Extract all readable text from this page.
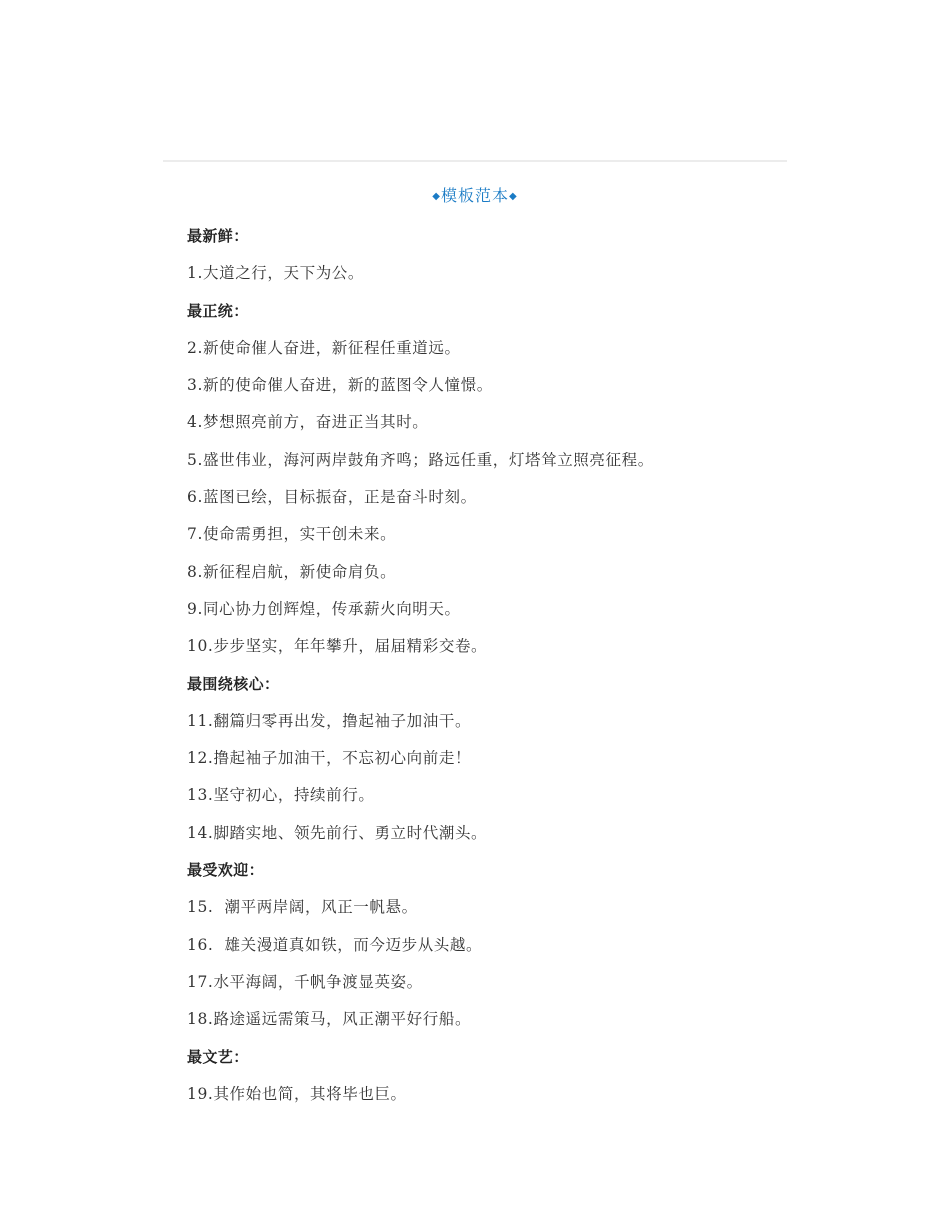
◆模板范本◆
最新鲜：
1.大道之行，天下为公。
最正统：
2.新使命催人奋进，新征程任重道远。
3.新的使命催人奋进，新的蓝图令人憧憬。
4.梦想照亮前方，奋进正当其时。
5.盛世伟业，海河两岸鼓角齐鸣；路远任重，灯塔耸立照亮征程。
6.蓝图已绘，目标振奋，正是奋斗时刻。
7.使命需勇担，实干创未来。
8.新征程启航，新使命肩负。
9.同心协力创辉煌，传承薪火向明天。
10.步步坚实，年年攀升，届届精彩交卷。
最围绕核心：
11.翻篇归零再出发，撸起袖子加油干。
12.撸起袖子加油干，不忘初心向前走！
13.坚守初心，持续前行。
14.脚踏实地、领先前行、勇立时代潮头。
最受欢迎：
15.  潮平两岸阔，风正一帆悬。
16.  雄关漫道真如铁，而今迈步从头越。
17.水平海阔，千帆争渡显英姿。
18.路途遥远需策马，风正潮平好行船。
最文艺：
19.其作始也简，其将毕也巨。
